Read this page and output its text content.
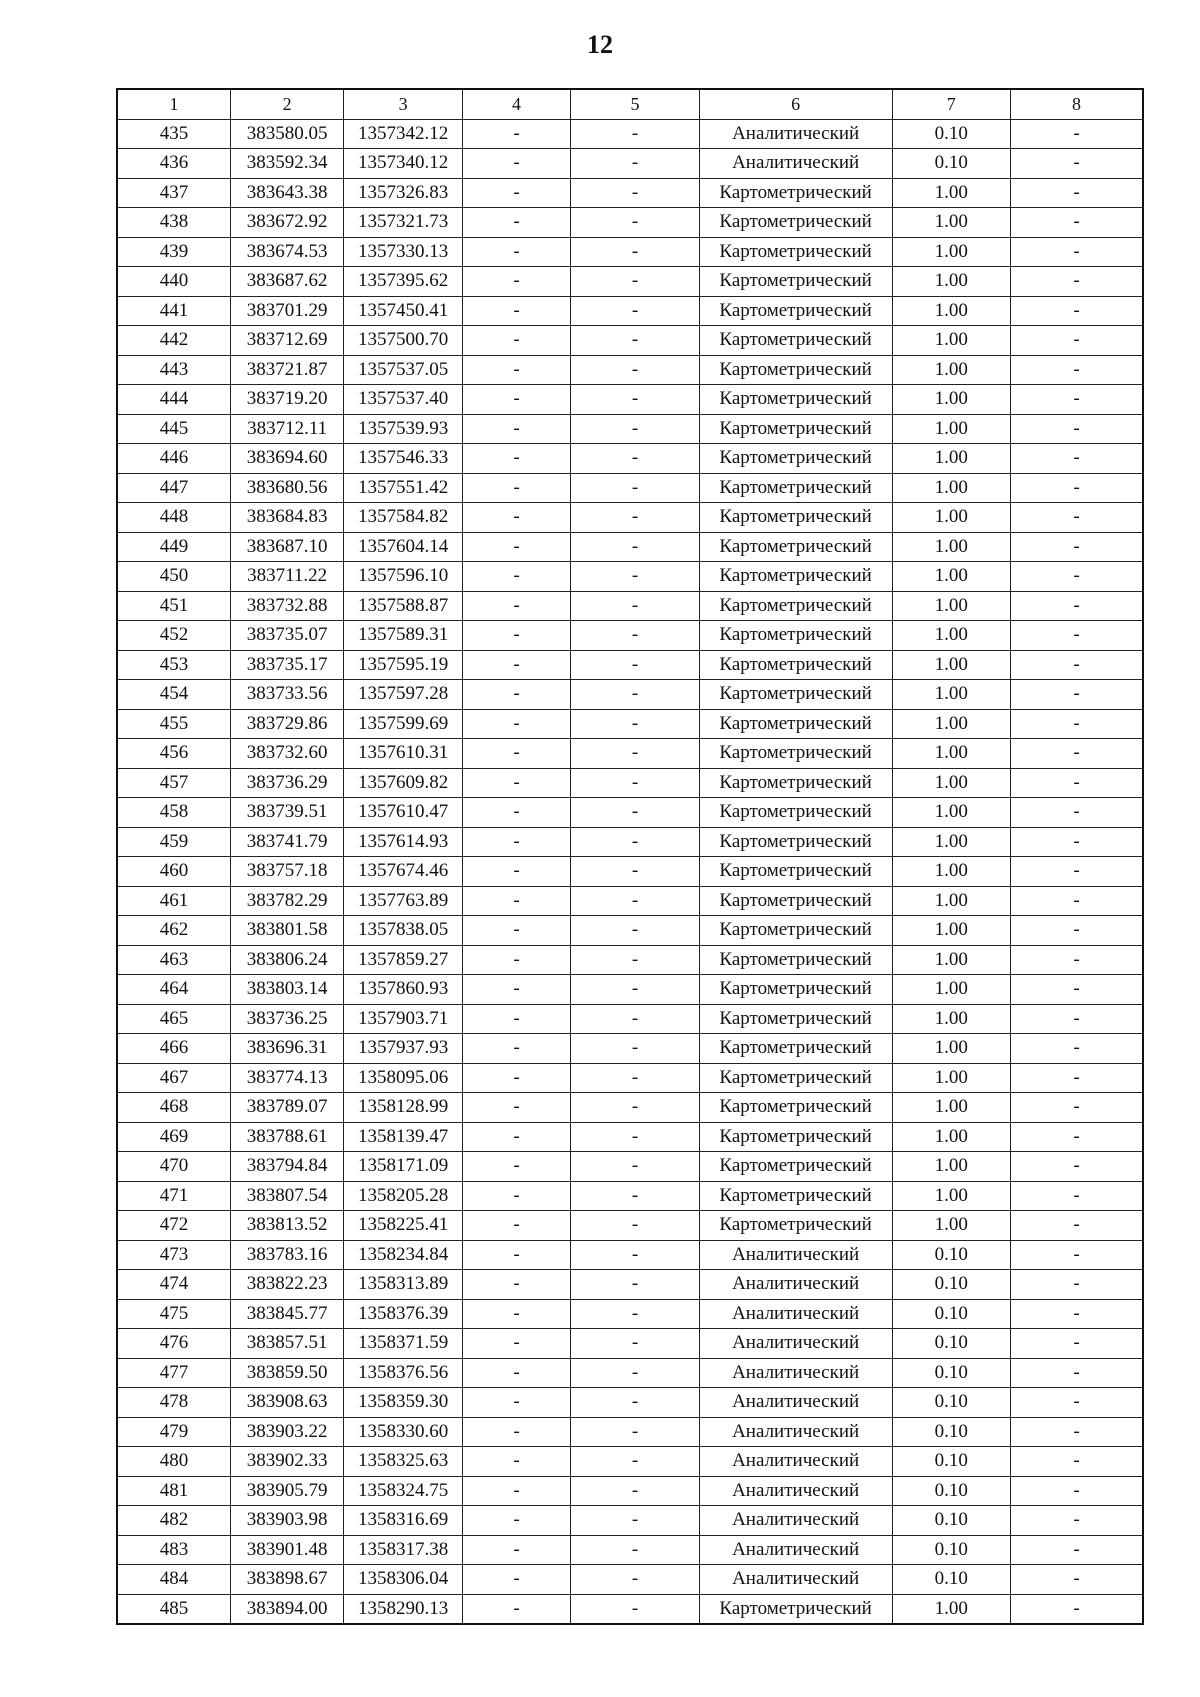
12
1	2	3	4	5	6	7	8
435	383580.05	1357342.12	-	-	Аналитический	0.10	-
436	383592.34	1357340.12	-	-	Аналитический	0.10	-
437	383643.38	1357326.83	-	-	Картометрический	1.00	-
438	383672.92	1357321.73	-	-	Картометрический	1.00	-
439	383674.53	1357330.13	-	-	Картометрический	1.00	-
440	383687.62	1357395.62	-	-	Картометрический	1.00	-
441	383701.29	1357450.41	-	-	Картометрический	1.00	-
442	383712.69	1357500.70	-	-	Картометрический	1.00	-
443	383721.87	1357537.05	-	-	Картометрический	1.00	-
444	383719.20	1357537.40	-	-	Картометрический	1.00	-
445	383712.11	1357539.93	-	-	Картометрический	1.00	-
446	383694.60	1357546.33	-	-	Картометрический	1.00	-
447	383680.56	1357551.42	-	-	Картометрический	1.00	-
448	383684.83	1357584.82	-	-	Картометрический	1.00	-
449	383687.10	1357604.14	-	-	Картометрический	1.00	-
450	383711.22	1357596.10	-	-	Картометрический	1.00	-
451	383732.88	1357588.87	-	-	Картометрический	1.00	-
452	383735.07	1357589.31	-	-	Картометрический	1.00	-
453	383735.17	1357595.19	-	-	Картометрический	1.00	-
454	383733.56	1357597.28	-	-	Картометрический	1.00	-
455	383729.86	1357599.69	-	-	Картометрический	1.00	-
456	383732.60	1357610.31	-	-	Картометрический	1.00	-
457	383736.29	1357609.82	-	-	Картометрический	1.00	-
458	383739.51	1357610.47	-	-	Картометрический	1.00	-
459	383741.79	1357614.93	-	-	Картометрический	1.00	-
460	383757.18	1357674.46	-	-	Картометрический	1.00	-
461	383782.29	1357763.89	-	-	Картометрический	1.00	-
462	383801.58	1357838.05	-	-	Картометрический	1.00	-
463	383806.24	1357859.27	-	-	Картометрический	1.00	-
464	383803.14	1357860.93	-	-	Картометрический	1.00	-
465	383736.25	1357903.71	-	-	Картометрический	1.00	-
466	383696.31	1357937.93	-	-	Картометрический	1.00	-
467	383774.13	1358095.06	-	-	Картометрический	1.00	-
468	383789.07	1358128.99	-	-	Картометрический	1.00	-
469	383788.61	1358139.47	-	-	Картометрический	1.00	-
470	383794.84	1358171.09	-	-	Картометрический	1.00	-
471	383807.54	1358205.28	-	-	Картометрический	1.00	-
472	383813.52	1358225.41	-	-	Картометрический	1.00	-
473	383783.16	1358234.84	-	-	Аналитический	0.10	-
474	383822.23	1358313.89	-	-	Аналитический	0.10	-
475	383845.77	1358376.39	-	-	Аналитический	0.10	-
476	383857.51	1358371.59	-	-	Аналитический	0.10	-
477	383859.50	1358376.56	-	-	Аналитический	0.10	-
478	383908.63	1358359.30	-	-	Аналитический	0.10	-
479	383903.22	1358330.60	-	-	Аналитический	0.10	-
480	383902.33	1358325.63	-	-	Аналитический	0.10	-
481	383905.79	1358324.75	-	-	Аналитический	0.10	-
482	383903.98	1358316.69	-	-	Аналитический	0.10	-
483	383901.48	1358317.38	-	-	Аналитический	0.10	-
484	383898.67	1358306.04	-	-	Аналитический	0.10	-
485	383894.00	1358290.13	-	-	Картометрический	1.00	-
